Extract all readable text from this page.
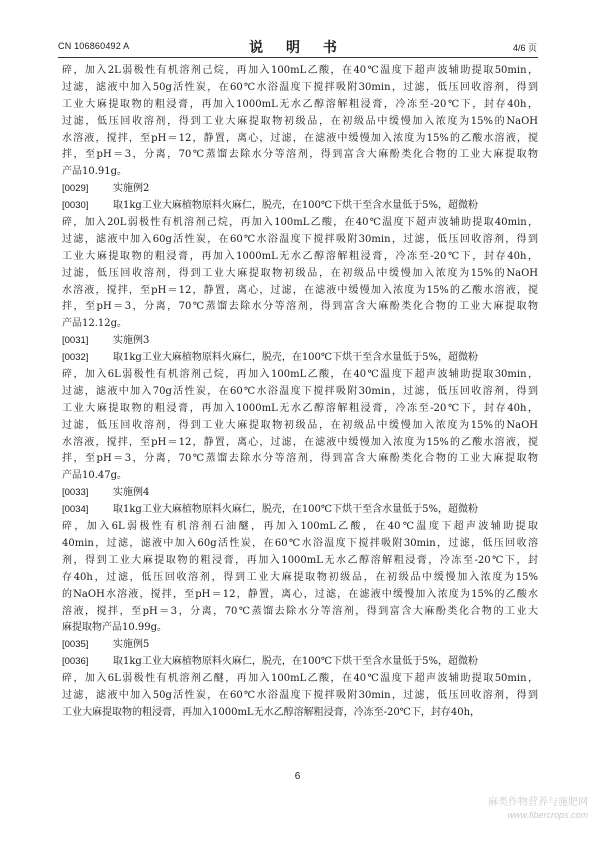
CN 106860492 A	说 明 书	4/6 页
碎，加入2L弱极性有机溶剂己烷，再加入100mL乙酸，在40℃温度下超声波辅助提取50min，
过滤，滤液中加入50g活性炭，在60℃水浴温度下搅拌吸附30min，过滤，低压回收溶剂，得到
工业大麻提取物的粗浸膏，再加入1000mL无水乙醇溶解粗浸膏，冷冻至-20℃下，封存40h，
过滤，低压回收溶剂，得到工业大麻提取物初级品，在初级品中缓慢加入浓度为15%的NaOH
水溶液，搅拌，至pH＝12，静置，离心，过滤，在滤液中缓慢加入浓度为15%的乙酸水溶液，搅
拌，至pH＝3，分离，70℃蒸馏去除水分等溶剂，得到富含大麻酚类化合物的工业大麻提取物
产品10.91g。
[0029] 实施例2
[0030] 取1kg工业大麻植物原料火麻仁，脱壳，在100℃下烘干至含水量低于5%，超微粉
碎，加入20L弱极性有机溶剂己烷，再加入100mL乙酸，在40℃温度下超声波辅助提取40min，
过滤，滤液中加入60g活性炭，在60℃水浴温度下搅拌吸附30min，过滤，低压回收溶剂，得到
工业大麻提取物的粗浸膏，再加入1000mL无水乙醇溶解粗浸膏，冷冻至-20℃下，封存40h，
过滤，低压回收溶剂，得到工业大麻提取物初级品，在初级品中缓慢加入浓度为15%的NaOH
水溶液，搅拌，至pH＝12，静置，离心，过滤，在滤液中缓慢加入浓度为15%的乙酸水溶液，搅
拌，至pH＝3，分离，70℃蒸馏去除水分等溶剂，得到富含大麻酚类化合物的工业大麻提取物
产品12.12g。
[0031] 实施例3
[0032] 取1kg工业大麻植物原料火麻仁，脱壳，在100℃下烘干至含水量低于5%，超微粉
碎，加入6L弱极性有机溶剂己烷，再加入100mL乙酸，在40℃温度下超声波辅助提取30min，
过滤，滤液中加入70g活性炭，在60℃水浴温度下搅拌吸附30min，过滤，低压回收溶剂，得到
工业大麻提取物的粗浸膏，再加入1000mL无水乙醇溶解粗浸膏，冷冻至-20℃下，封存40h，
过滤，低压回收溶剂，得到工业大麻提取物初级品，在初级品中缓慢加入浓度为15%的NaOH
水溶液，搅拌，至pH＝12，静置，离心，过滤，在滤液中缓慢加入浓度为15%的乙酸水溶液，搅
拌，至pH＝3，分离，70℃蒸馏去除水分等溶剂，得到富含大麻酚类化合物的工业大麻提取物
产品10.47g。
[0033] 实施例4
[0034] 取1kg工业大麻植物原料火麻仁，脱壳，在100℃下烘干至含水量低于5%，超微粉
碎，加入6L弱极性有机溶剂石油醚，再加入100mL乙酸，在40℃温度下超声波辅助提取
40min，过滤，滤液中加入60g活性炭，在60℃水浴温度下搅拌吸附30min，过滤，低压回收溶
剂，得到工业大麻提取物的粗浸膏，再加入1000mL无水乙醇溶解粗浸膏，冷冻至-20℃下，封
存40h，过滤，低压回收溶剂，得到工业大麻提取物初级品，在初级品中缓慢加入浓度为15%
的NaOH水溶液，搅拌，至pH＝12，静置，离心，过滤，在滤液中缓慢加入浓度为15%的乙酸水
溶液，搅拌，至pH＝3，分离，70℃蒸馏去除水分等溶剂，得到富含大麻酚类化合物的工业大
麻提取物产品10.99g。
[0035] 实施例5
[0036] 取1kg工业大麻植物原料火麻仁，脱壳，在100℃下烘干至含水量低于5%，超微粉
碎，加入6L弱极性有机溶剂乙醚，再加入100mL乙酸，在40℃温度下超声波辅助提取50min，
过滤，滤液中加入50g活性炭，在60℃水浴温度下搅拌吸附30min，过滤，低压回收溶剂，得到
工业大麻提取物的粗浸膏，再加入1000mL无水乙醇溶解粗浸膏，冷冻至-20℃下，封存40h，
6
麻类作物营养与施肥网
www.fibercrops.com
